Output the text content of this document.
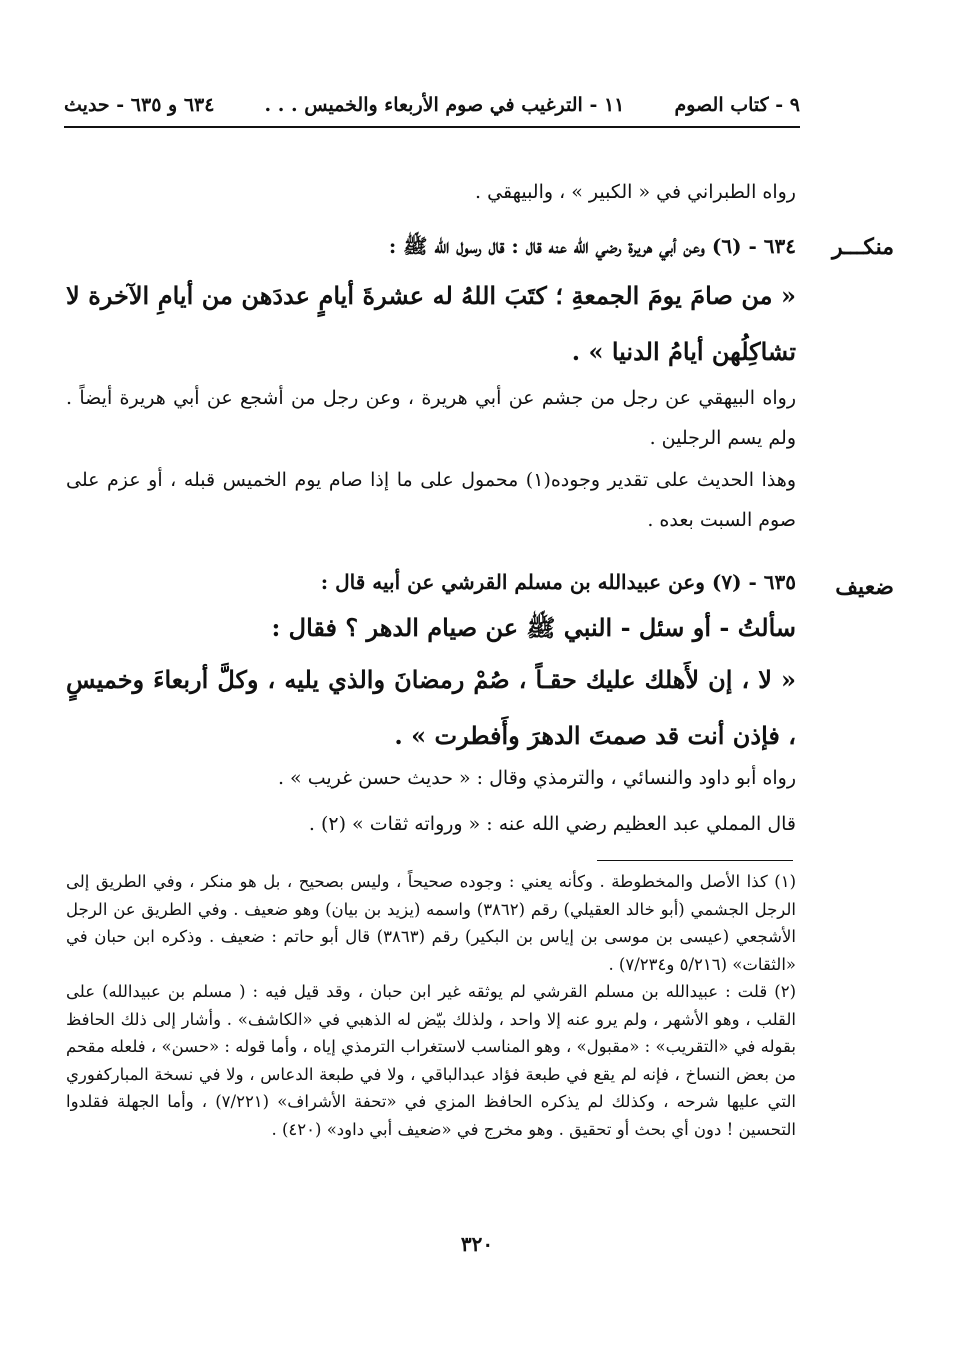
٩ - كتاب الصوم
١١ - الترغيب في صوم الأربعاء والخميس . . .
٦٣٤ و ٦٣٥ - حديث
رواه الطبراني في « الكبير » ، والبيهقي .
منكـــر
٦٣٤ - (٦) وعن أبي هريرة رضي الله عنه قال : قال رسول الله ﷺ :
« من صامَ يومَ الجمعةِ ؛ كتَبَ اللهُ له عشرةَ أيامٍ عددَهن من أيامِ الآخرة لا تشاكِلُهن أيامُ الدنيا » .
رواه البيهقي عن رجل من جشم عن أبي هريرة ، وعن رجل من أشجع عن أبي هريرة أيضاً . ولم يسم الرجلين .
وهذا الحديث على تقدير وجوده(١) محمول على ما إذا صام يوم الخميس قبله ، أو عزم على صوم السبت بعده .
ضعيف
٦٣٥ - (٧) وعن عبيدالله بن مسلم القرشي عن أبيه قال :
سألتُ - أو سئل - النبي ﷺ عن صيام الدهر ؟ فقال :
« لا ، إن لأَهلك عليك حقـاً ، صُمْ رمضانَ والذي يليه ، وكلَّ أربعاءَ وخميسٍ ، فإذن أنت قد صمتَ الدهرَ وأَفطرت » .
رواه أبو داود والنسائي ، والترمذي وقال : « حديث حسن غريب » .
قال المملي عبد العظيم رضي الله عنه : « ورواته ثقات » (٢) .

(١) كذا الأصل والمخطوطة . وكأنه يعني : وجوده صحيحاً ، وليس بصحيح ، بل هو منكر ، وفي الطريق إلى الرجل الجشمي (أبو خالد العقيلي) رقم (٣٨٦٢) واسمه (يزيد بن بيان) وهو ضعيف . وفي الطريق عن الرجل الأشجعي (عيسى بن موسى بن إياس بن البكير) رقم (٣٨٦٣) قال أبو حاتم : ضعيف . وذكره ابن حبان في «الثقات» (٥/٢١٦ و٧/٢٣٤) .

(٢) قلت : عبيدالله بن مسلم القرشي لم يوثقه غير ابن حبان ، وقد قيل فيه : ( مسلم بن عبيدالله) على القلب ، وهو الأشهر ، ولم يرو عنه إلا واحد ، ولذلك بيّض له الذهبي في «الكاشف» . وأشار إلى ذلك الحافظ بقوله في «التقريب» : «مقبول» ، وهو المناسب لاستغراب الترمذي إياه ، وأما قوله : «حسن» ، فلعله مقحم من بعض النساخ ، فإنه لم يقع في طبعة فؤاد عبدالباقي ، ولا في طبعة الدعاس ، ولا في نسخة المباركفوري التي عليها شرحه ، وكذلك لم يذكره الحافظ المزي في «تحفة الأشراف» (٧/٢٢١) ، وأما الجهلة فقلدوا التحسين ! دون أي بحث أو تحقيق . وهو مخرج في «ضعيف أبي داود» (٤٢٠) .

٣٢٠
